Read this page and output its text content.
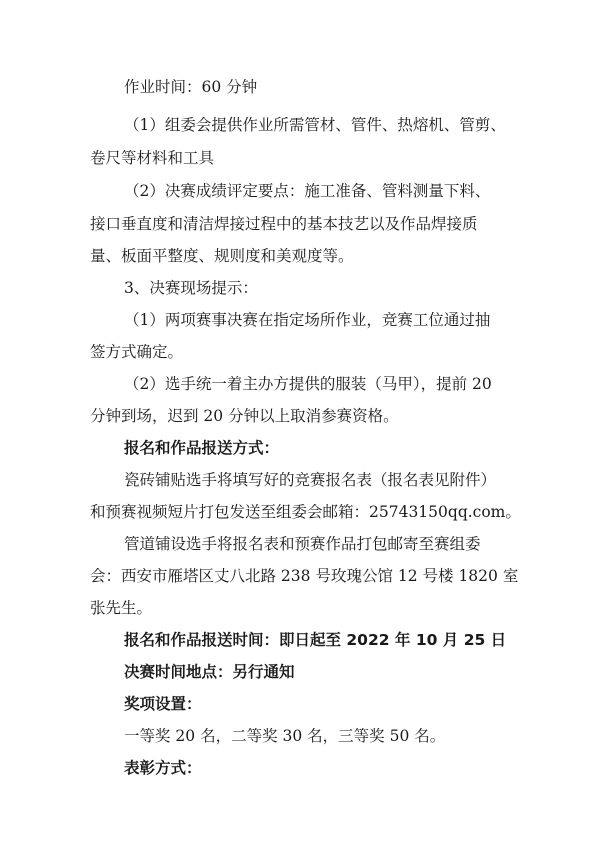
作业时间：60 分钟
（1）组委会提供作业所需管材、管件、热熔机、管剪、
卷尺等材料和工具
（2）决赛成绩评定要点：施工准备、管料测量下料、
接口垂直度和清洁焊接过程中的基本技艺以及作品焊接质
量、板面平整度、规则度和美观度等。
3、决赛现场提示：
（1）两项赛事决赛在指定场所作业，竞赛工位通过抽
签方式确定。
（2）选手统一着主办方提供的服装（马甲），提前 20
分钟到场，迟到 20 分钟以上取消参赛资格。
报名和作品报送方式：
瓷砖铺贴选手将填写好的竞赛报名表（报名表见附件）
和预赛视频短片打包发送至组委会邮箱：25743150qq.com。
管道铺设选手将报名表和预赛作品打包邮寄至赛组委
会：西安市雁塔区丈八北路 238 号玫瑰公馆 12 号楼 1820 室
张先生。
报名和作品报送时间：即日起至 2022 年 10 月 25 日
决赛时间地点：另行通知
奖项设置：
一等奖 20 名，二等奖 30 名，三等奖 50 名。
表彰方式：
